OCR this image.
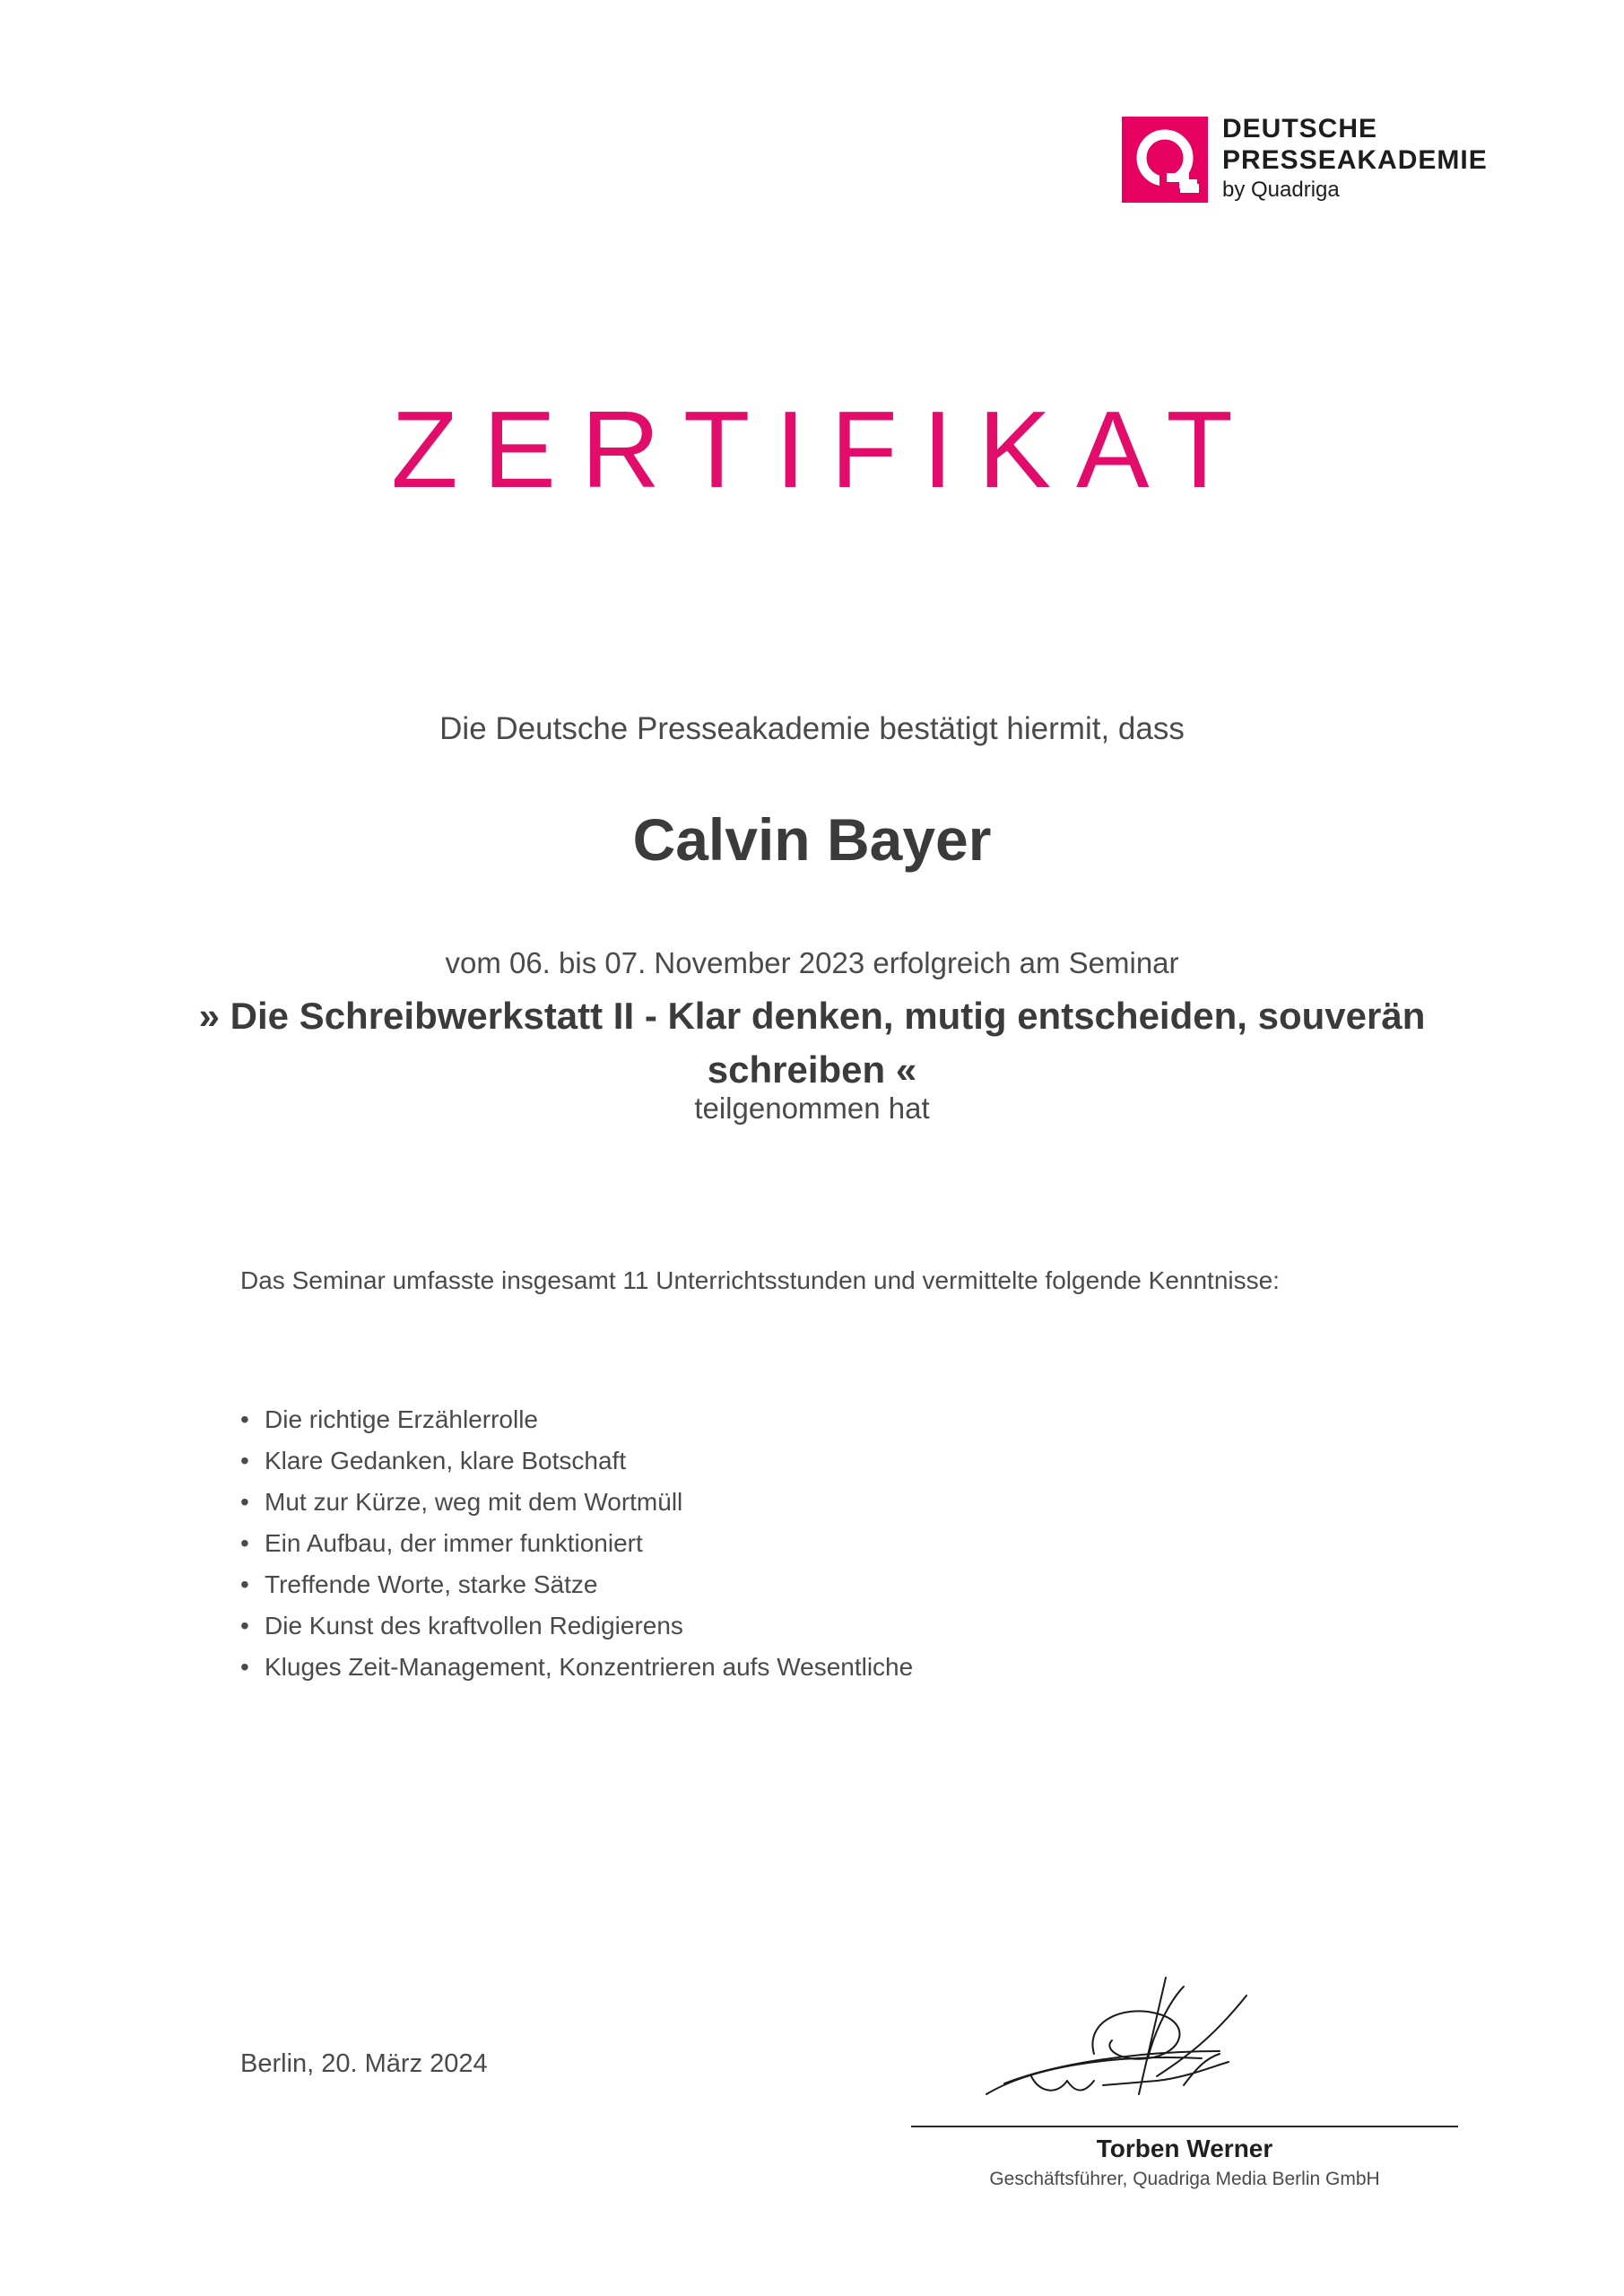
DEUTSCHE
PRESSEAKADEMIE
by Quadriga
ZERTIFIKAT
Die Deutsche Presseakademie bestätigt hiermit, dass
Calvin Bayer
vom 06. bis 07. November 2023 erfolgreich am Seminar
» Die Schreibwerkstatt II - Klar denken, mutig entscheiden, souverän schreiben «
teilgenommen hat
Das Seminar umfasste insgesamt 11 Unterrichtsstunden und vermittelte folgende Kenntnisse:
• Die richtige Erzählerrolle
• Klare Gedanken, klare Botschaft
• Mut zur Kürze, weg mit dem Wortmüll
• Ein Aufbau, der immer funktioniert
• Treffende Worte, starke Sätze
• Die Kunst des kraftvollen Redigierens
• Kluges Zeit-Management, Konzentrieren aufs Wesentliche
Berlin, 20. März 2024
Torben Werner
Geschäftsführer, Quadriga Media Berlin GmbH
